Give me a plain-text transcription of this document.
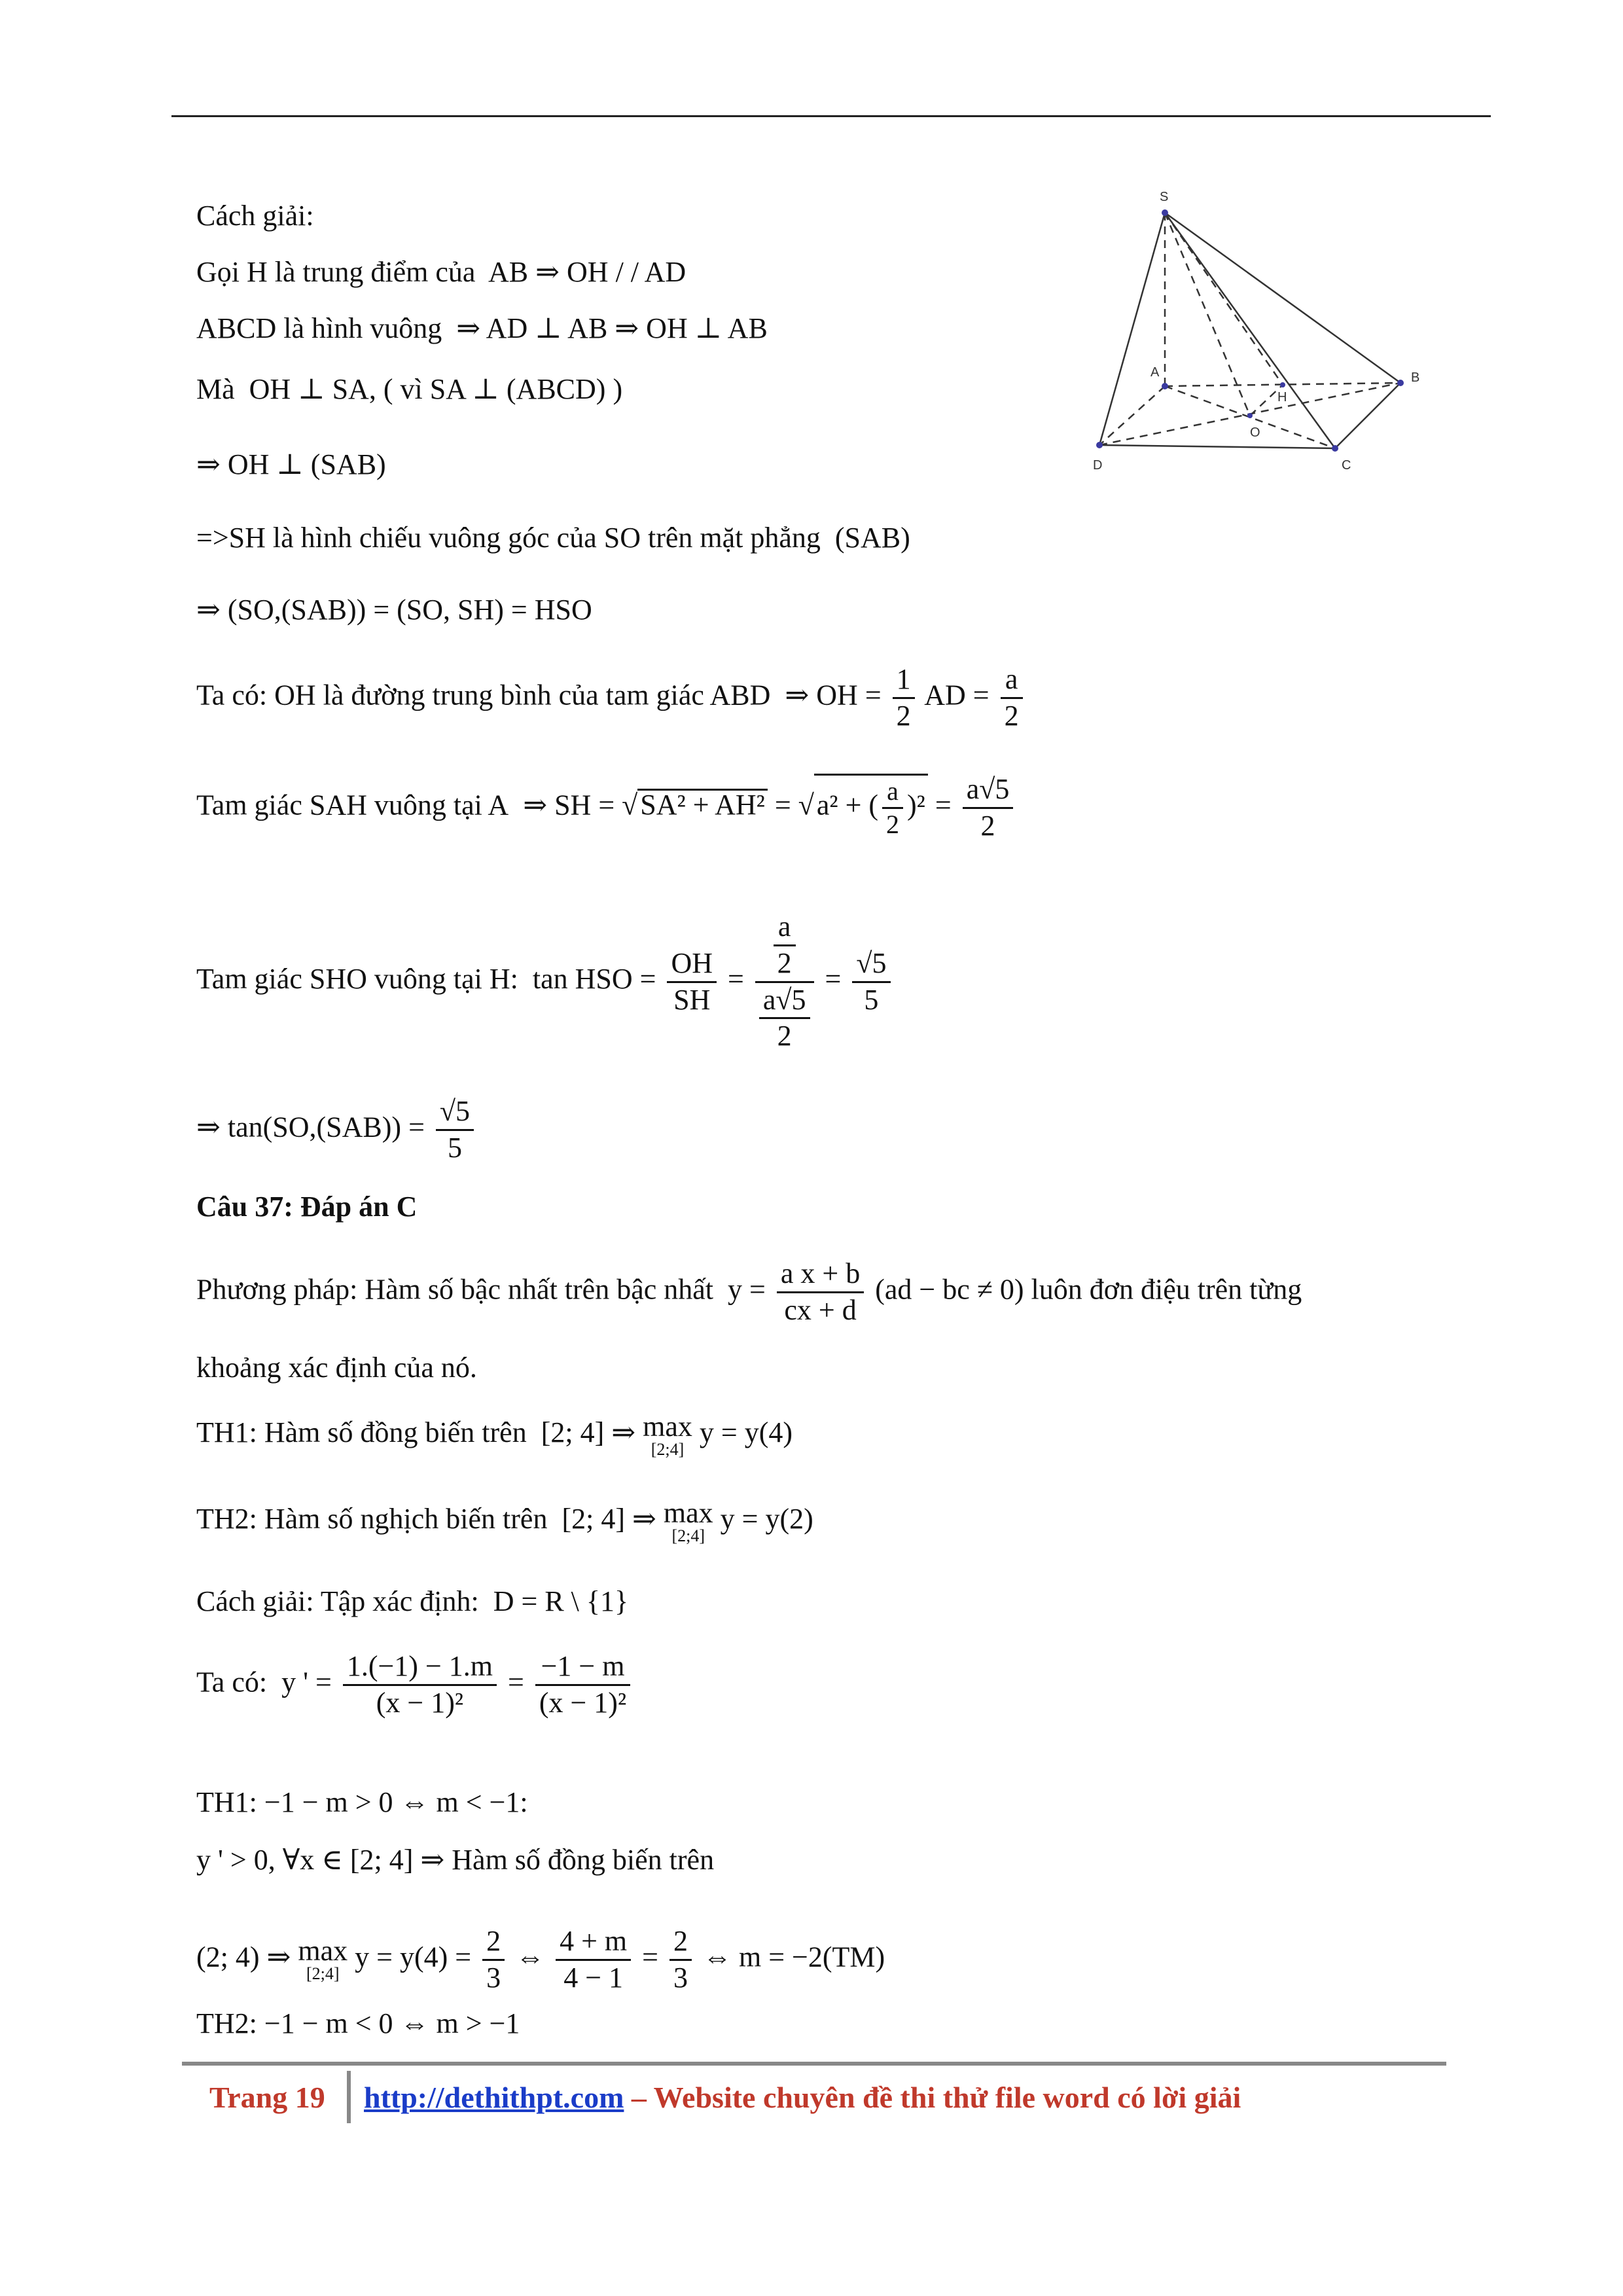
Cách giải:
Gọi H là trung điểm của AB ⇒ OH / / AD
ABCD là hình vuông ⇒ AD ⊥ AB ⇒ OH ⊥ AB
Mà OH ⊥ SA, ( vì SA ⊥ (ABCD) )
⇒ OH ⊥ (SAB)
=>SH là hình chiếu vuông góc của SO trên mặt phẳng (SAB)
⇒ (SO,(SAB)) = (SO, SH) = HSO
Ta có: OH là đường trung bình của tam giác ABD ⇒ OH = $\frac{1}{2}$ AD = $\frac{a}{2}$
Tam giác SAH vuông tại A ⇒ SH = √SA² + AH² = √a² + ( $\frac{a}{2} )^2 = \frac{a√5}{2}$
Tam giác SHO vuông tại H: tan HSO = $\frac{OH}{SH} = \frac{\frac{a}{2}}{\frac{a√5}{2}} = \frac{√5}{5}$
⇒ $\tan(SO,(SAB)) = \frac{√5}{5}$
Câu 37: Đáp án C
Phương pháp: Hàm số bậc nhất trên bậc nhất $y = \frac{\text{a x + b}}{cx + d} (ad$ − bc ≠ 0) luôn đơn điệu trên từng
khoảng xác định của nó.
TH1: Hàm số đồng biến trên [2; 4] ⇒ max
[2;4]
y = y(4)
TH2: Hàm số nghịch biến trên [2; 4] ⇒ max
[2;4]
y = y(2)
Cách giải: Tập xác định: D = R \ {1}
Ta có: y ' = $\frac{1.(-1) - 1.m}{\text{(x − 1)²}} = \frac{-1 - m}{\text{(x − 1)²}}$
TH1: −1 − m > 0 ⇔ m < −1:
y ' > 0, ∀x ∈ [2; 4] ⇒ Hàm số đồng biến trên
(2; 4) ⇒ max
[2;4]
$y = y(4) = \frac{2}{3}$ ⇔ $\frac{4 + m}{4 - 1} = \frac{2}{3}$ ⇔ m = −2(TM)
TH2: −1 − m < 0 ⇔ m > −1
S
A	B
C
D
H
O
Trang 19 http://dethithpt.com – Website chuyên đề thi thử file word có lời giải
